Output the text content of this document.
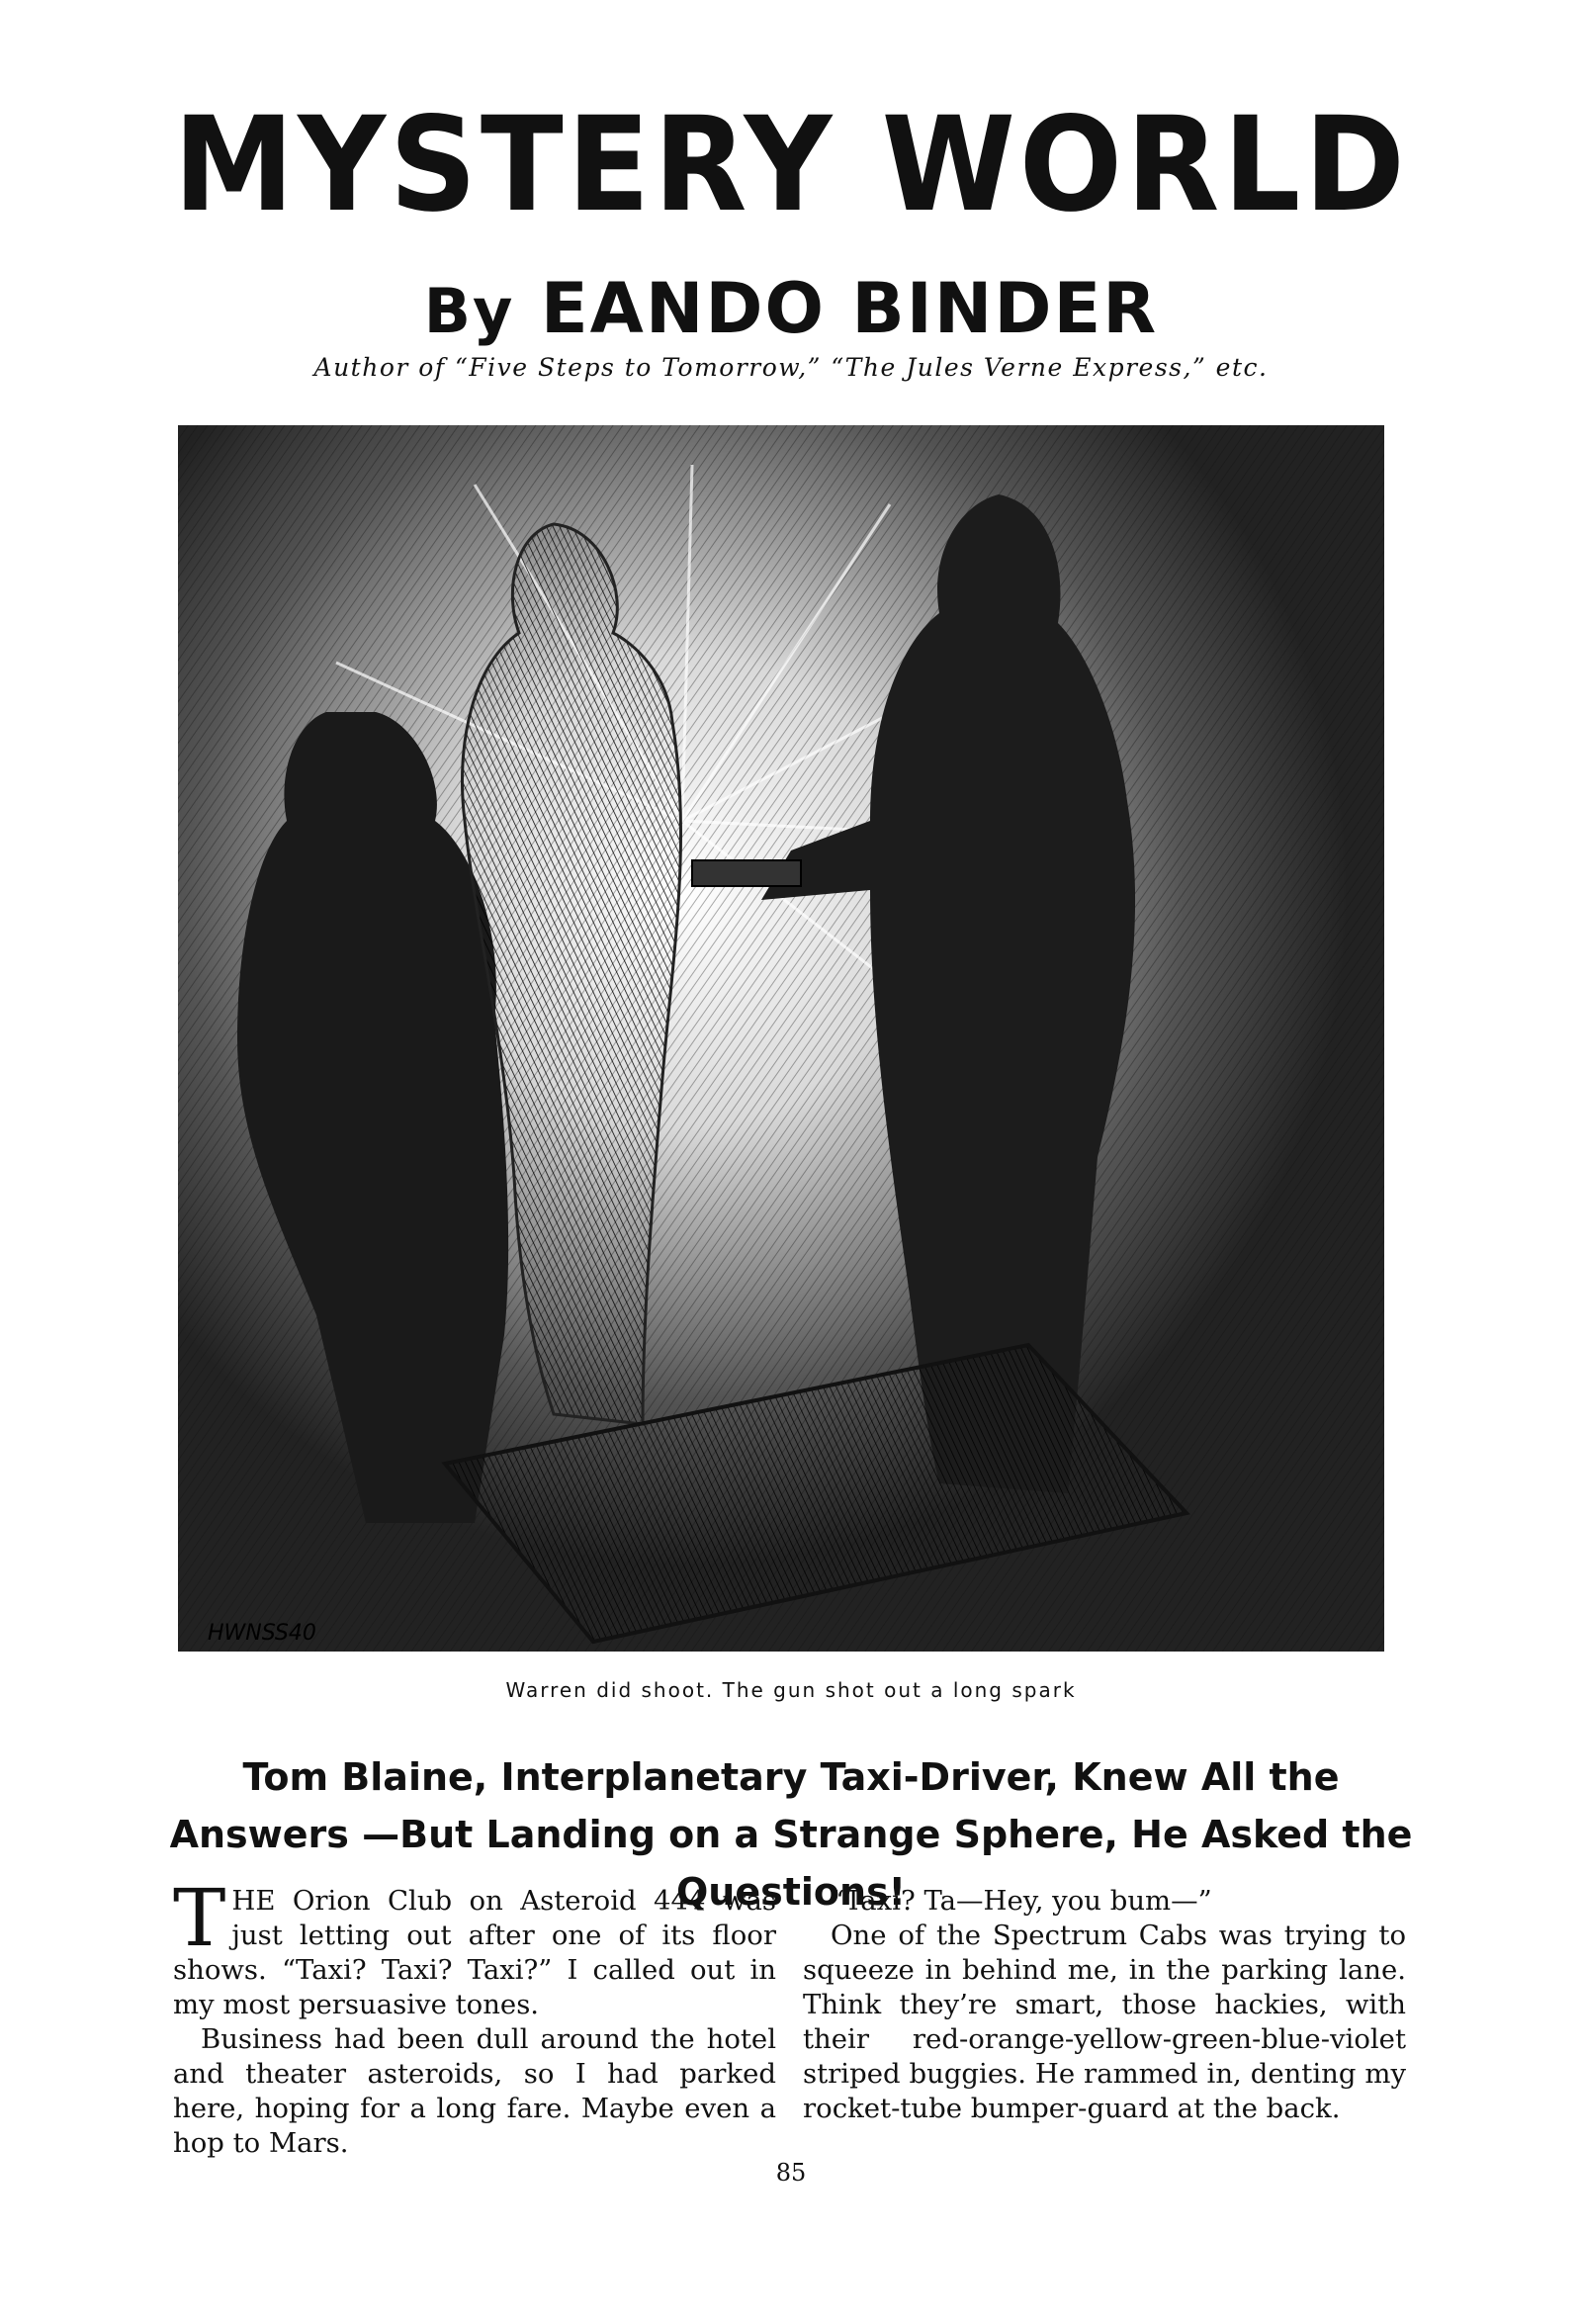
MYSTERY WORLD
By EANDO BINDER
Author of “Five Steps to Tomorrow,” “The Jules Verne Express,” etc.
HWNSS40
Warren did shoot. The gun shot out a long spark
Tom Blaine, Interplanetary Taxi-Driver, Knew All the Answers —But Landing on a Strange Sphere, He Asked the Questions!

THE Orion Club on Asteroid 444 was just letting out after one of its floor shows. “Taxi? Taxi? Taxi?” I called out in my most persuasive tones.

Business had been dull around the hotel and theater asteroids, so I had parked here, hoping for a long fare. Maybe even a hop to Mars.

“Taxi? Ta—Hey, you bum—”

One of the Spectrum Cabs was trying to squeeze in behind me, in the parking lane. Think they’re smart, those hackies, with their red-orange-yellow-green-blue-violet striped buggies. He rammed in, denting my rocket-tube bumper-guard at the back.

85
